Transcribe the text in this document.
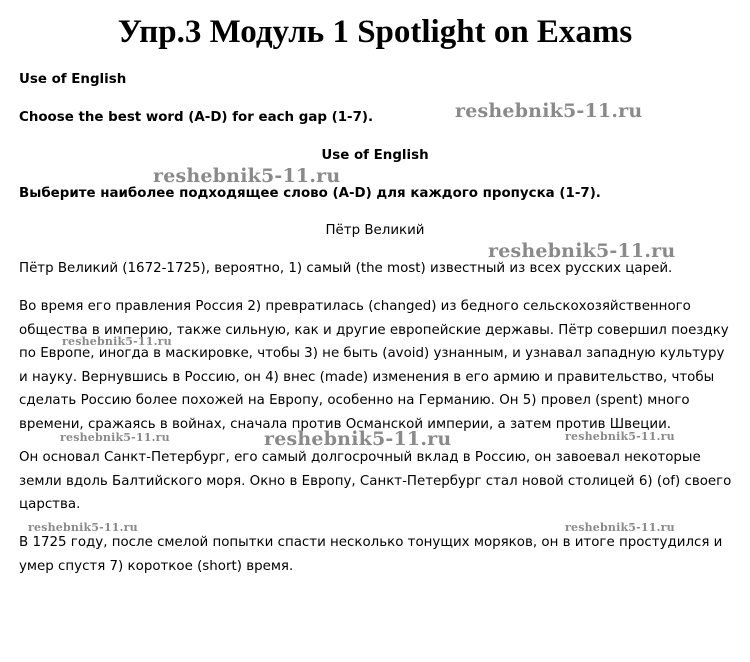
Упр.3 Модуль 1 Spotlight on Exams
Use of English
Choose the best word (A-D) for each gap (1-7).
Use of English
Выберите наиболее подходящее слово (A-D) для каждого пропуска (1-7).
Пётр Великий
Пётр Великий (1672-1725), вероятно, 1) самый (the most) известный из всех русских царей.
Во время его правления Россия 2) превратилась (changed) из бедного сельскохозяйственного
общества в империю, также сильную, как и другие европейские державы. Пётр совершил поездку
по Европе, иногда в маскировке, чтобы 3) не быть (avoid) узнанным, и узнавал западную культуру
и науку. Вернувшись в Россию, он 4) внес (made) изменения в его армию и правительство, чтобы
сделать Россию более похожей на Европу, особенно на Германию. Он 5) провел (spent) много
времени, сражаясь в войнах, сначала против Османской империи, а затем против Швеции.
Он основал Санкт-Петербург, его самый долгосрочный вклад в Россию, он завоевал некоторые
земли вдоль Балтийского моря. Окно в Европу, Санкт-Петербург стал новой столицей 6) (of) своего
царства.
В 1725 году, после смелой попытки спасти несколько тонущих моряков, он в итоге простудился и
умер спустя 7) короткое (short) время.
reshebnik5-11.ru
reshebnik5-11.ru
reshebnik5-11.ru
reshebnik5-11.ru
reshebnik5-11.ru	reshebnik5-11.ru	reshebnik5-11.ru
reshebnik5-11.ru	reshebnik5-11.ru
